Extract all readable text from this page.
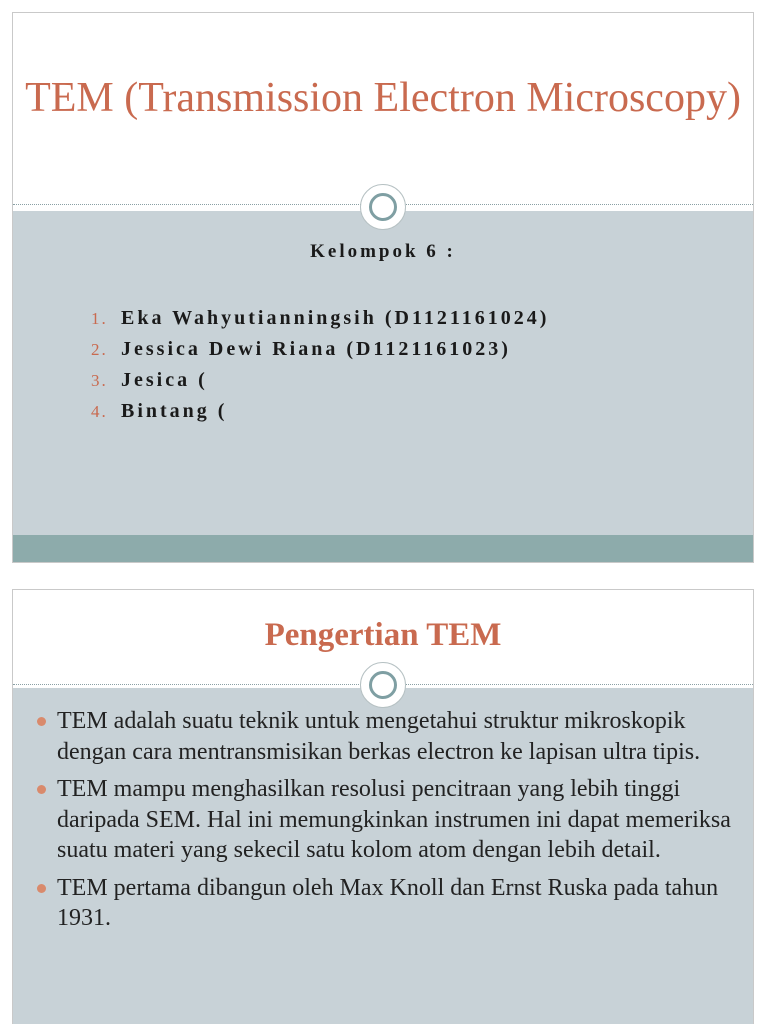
TEM (Transmission Electron Microscopy)
Kelompok 6 :
1. Eka Wahyutianningsih (D1121161024)
2. Jessica Dewi Riana (D1121161023)
3. Jesica (
4. Bintang (
Pengertian TEM
TEM adalah suatu teknik untuk mengetahui struktur mikroskopik dengan cara mentransmisikan berkas electron ke lapisan ultra tipis.
TEM mampu menghasilkan resolusi pencitraan yang lebih tinggi daripada SEM. Hal ini memungkinkan instrumen ini dapat memeriksa suatu materi yang sekecil satu kolom atom dengan lebih detail.
TEM pertama dibangun oleh Max Knoll dan Ernst Ruska pada tahun 1931.
